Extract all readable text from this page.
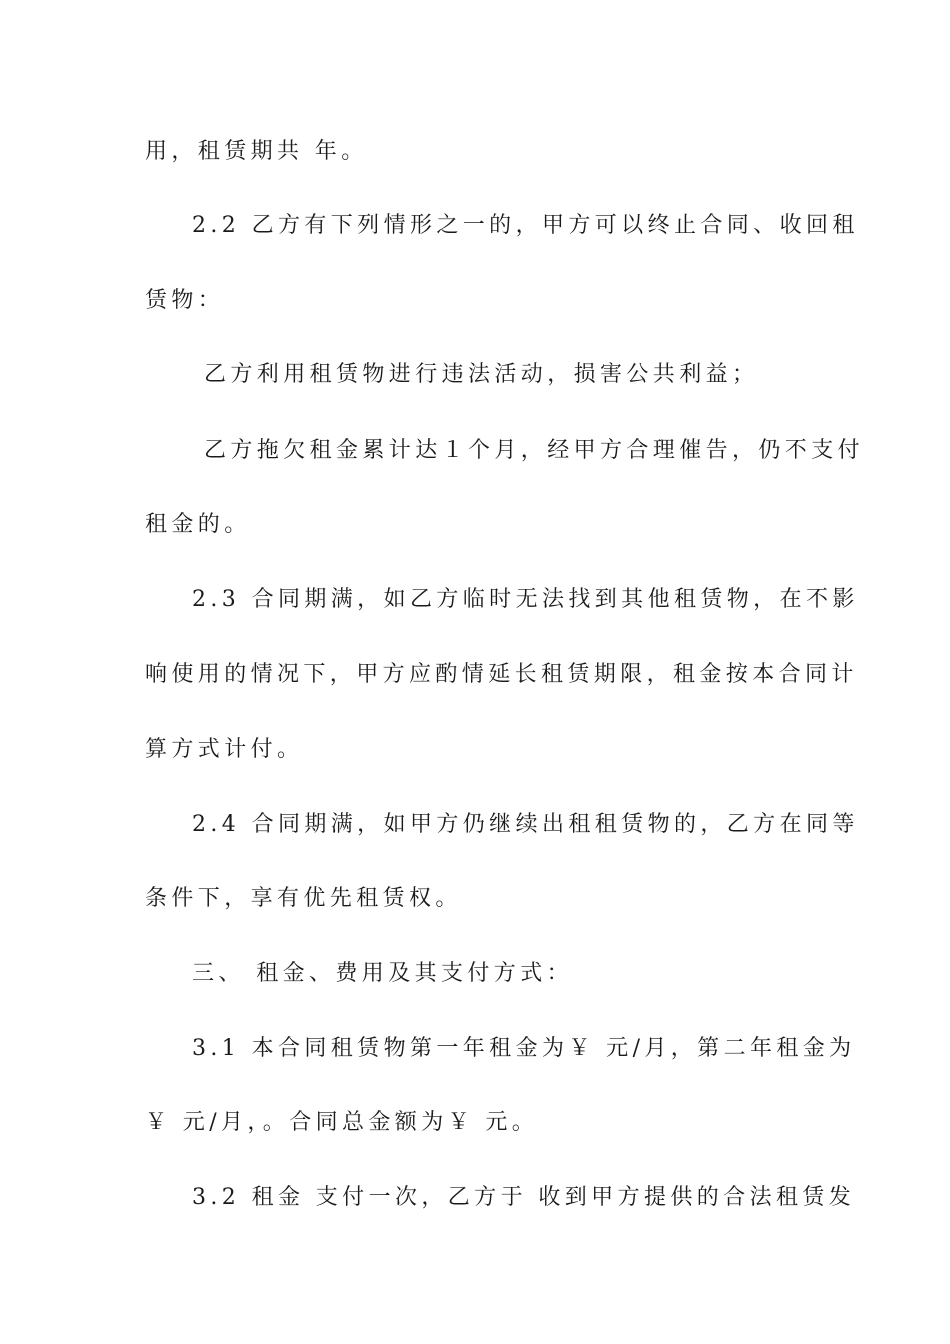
用，租赁期共 年。
2.2 乙方有下列情形之一的，甲方可以终止合同、收回租
赁物：
乙方利用租赁物进行违法活动，损害公共利益；
乙方拖欠租金累计达１个月，经甲方合理催告，仍不支付
租金的。
2.3 合同期满，如乙方临时无法找到其他租赁物，在不影
响使用的情况下，甲方应酌情延长租赁期限，租金按本合同计
算方式计付。
2.4 合同期满，如甲方仍继续出租租赁物的，乙方在同等
条件下，享有优先租赁权。
三、 租金、费用及其支付方式：
3.1 本合同租赁物第一年租金为￥ 元/月，第二年租金为
￥ 元/月，。合同总金额为￥ 元。
3.2 租金 支付一次，乙方于 收到甲方提供的合法租赁发
